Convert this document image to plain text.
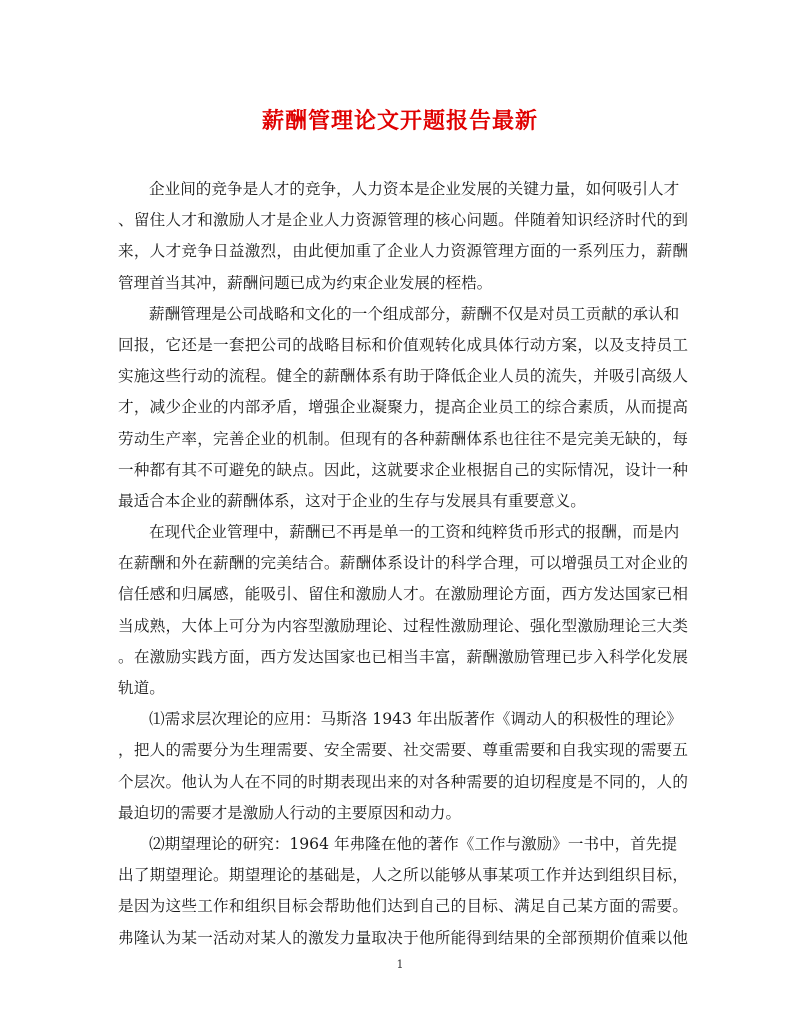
薪酬管理论文开题报告最新
企业间的竞争是人才的竞争，人力资本是企业发展的关键力量，如何吸引人才
、留住人才和激励人才是企业人力资源管理的核心问题。伴随着知识经济时代的到
来，人才竞争日益激烈，由此便加重了企业人力资源管理方面的一系列压力，薪酬
管理首当其冲，薪酬问题已成为约束企业发展的桎梏。
薪酬管理是公司战略和文化的一个组成部分，薪酬不仅是对员工贡献的承认和
回报，它还是一套把公司的战略目标和价值观转化成具体行动方案，以及支持员工
实施这些行动的流程。健全的薪酬体系有助于降低企业人员的流失，并吸引高级人
才，减少企业的内部矛盾，增强企业凝聚力，提高企业员工的综合素质，从而提高
劳动生产率，完善企业的机制。但现有的各种薪酬体系也往往不是完美无缺的，每
一种都有其不可避免的缺点。因此，这就要求企业根据自己的实际情况，设计一种
最适合本企业的薪酬体系，这对于企业的生存与发展具有重要意义。
在现代企业管理中，薪酬已不再是单一的工资和纯粹货币形式的报酬，而是内
在薪酬和外在薪酬的完美结合。薪酬体系设计的科学合理，可以增强员工对企业的
信任感和归属感，能吸引、留住和激励人才。在激励理论方面，西方发达国家已相
当成熟，大体上可分为内容型激励理论、过程性激励理论、强化型激励理论三大类
。在激励实践方面，西方发达国家也已相当丰富，薪酬激励管理已步入科学化发展
轨道。
⑴需求层次理论的应用：马斯洛 1943 年出版著作《调动人的积极性的理论》
，把人的需要分为生理需要、安全需要、社交需要、尊重需要和自我实现的需要五
个层次。他认为人在不同的时期表现出来的对各种需要的迫切程度是不同的，人的
最迫切的需要才是激励人行动的主要原因和动力。
⑵期望理论的研究：1964 年弗隆在他的著作《工作与激励》一书中，首先提
出了期望理论。期望理论的基础是，人之所以能够从事某项工作并达到组织目标，
是因为这些工作和组织目标会帮助他们达到自己的目标、满足自己某方面的需要。
弗隆认为某一活动对某人的激发力量取决于他所能得到结果的全部预期价值乘以他
1
